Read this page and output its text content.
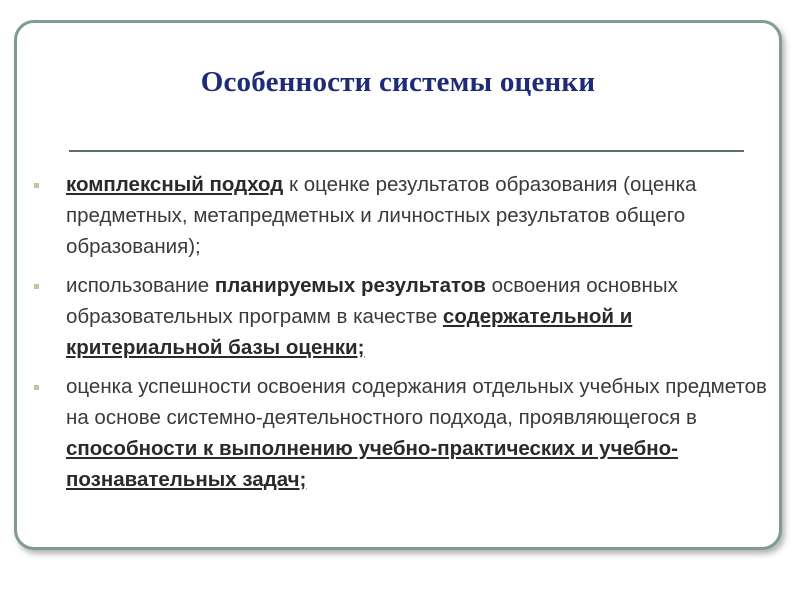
Особенности системы оценки
комплексный подход к оценке результатов образования (оценка предметных, метапредметных и личностных результатов общего образования);
использование планируемых результатов освоения основных образовательных программ в качестве содержательной и критериальной базы оценки;
оценка успешности освоения содержания отдельных учебных предметов на основе системно-деятельностного подхода, проявляющегося в способности к выполнению учебно-практических и учебно-познавательных задач;
